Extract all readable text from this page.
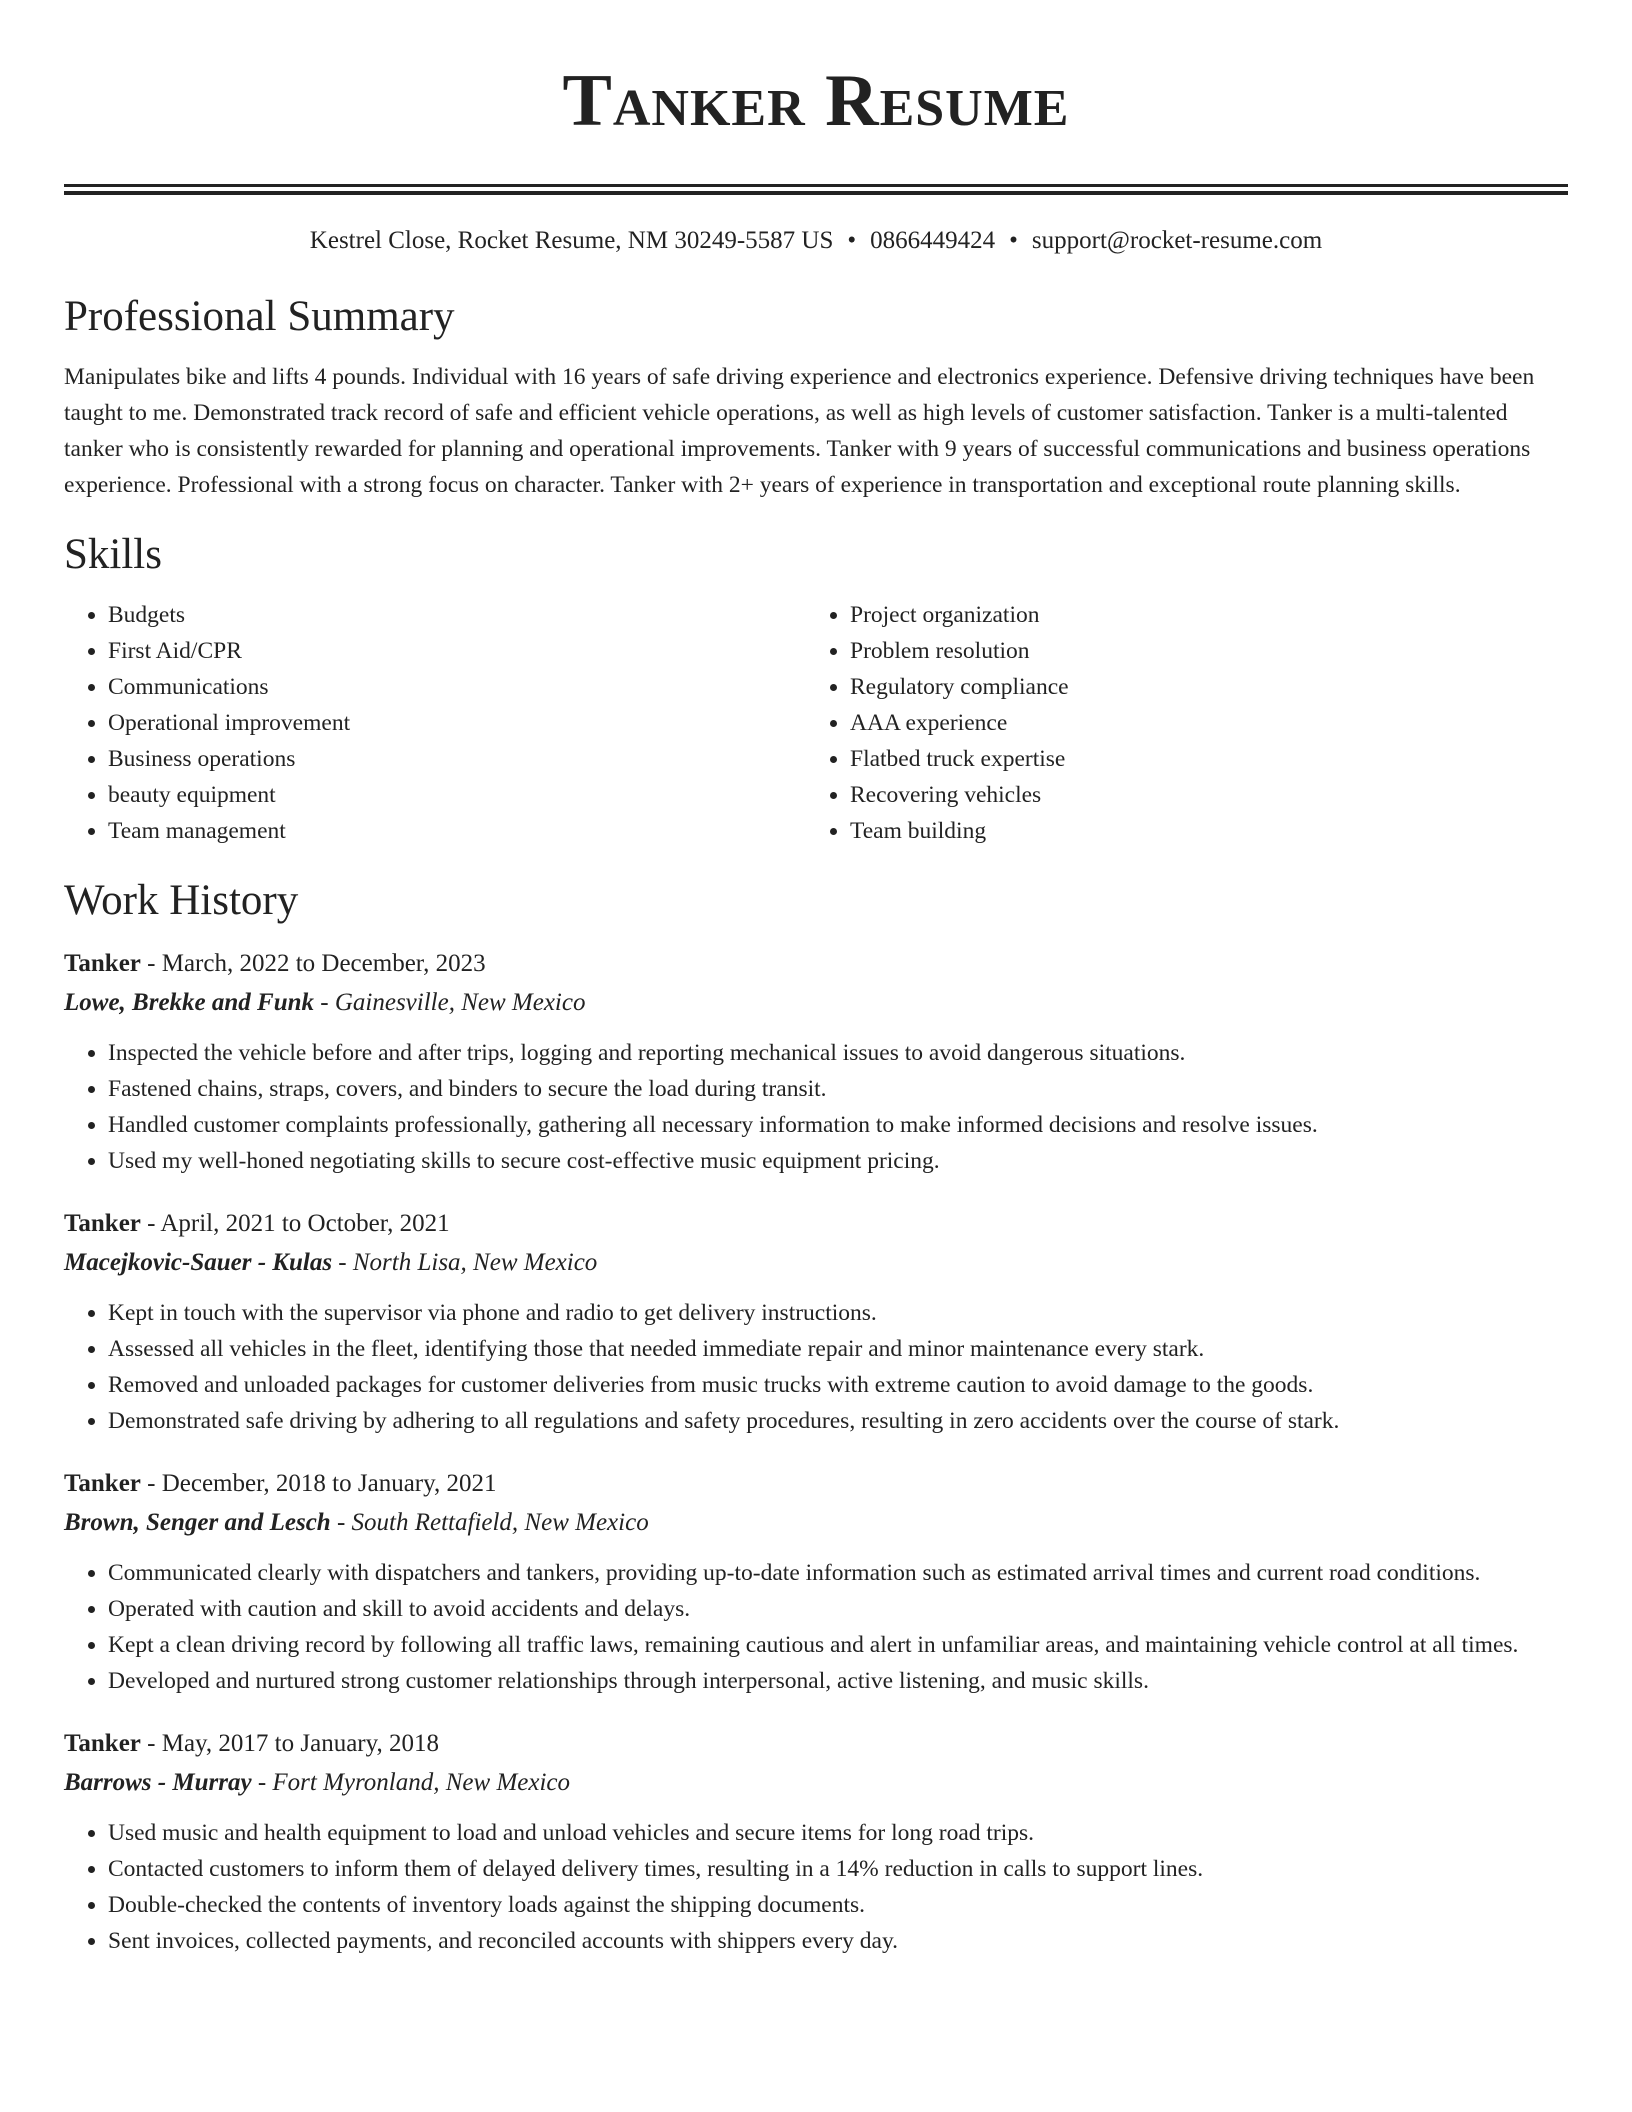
Tanker Resume
Kestrel Close, Rocket Resume, NM 30249-5587 US • 0866449424 • support@rocket-resume.com
Professional Summary
Manipulates bike and lifts 4 pounds. Individual with 16 years of safe driving experience and electronics experience. Defensive driving techniques have been taught to me. Demonstrated track record of safe and efficient vehicle operations, as well as high levels of customer satisfaction. Tanker is a multi-talented tanker who is consistently rewarded for planning and operational improvements. Tanker with 9 years of successful communications and business operations experience. Professional with a strong focus on character. Tanker with 2+ years of experience in transportation and exceptional route planning skills.
Skills
• Budgets
• First Aid/CPR
• Communications
• Operational improvement
• Business operations
• beauty equipment
• Team management
• Project organization
• Problem resolution
• Regulatory compliance
• AAA experience
• Flatbed truck expertise
• Recovering vehicles
• Team building
Work History
Tanker - March, 2022 to December, 2023
Lowe, Brekke and Funk - Gainesville, New Mexico
• Inspected the vehicle before and after trips, logging and reporting mechanical issues to avoid dangerous situations.
• Fastened chains, straps, covers, and binders to secure the load during transit.
• Handled customer complaints professionally, gathering all necessary information to make informed decisions and resolve issues.
• Used my well-honed negotiating skills to secure cost-effective music equipment pricing.
Tanker - April, 2021 to October, 2021
Macejkovic-Sauer - Kulas - North Lisa, New Mexico
• Kept in touch with the supervisor via phone and radio to get delivery instructions.
• Assessed all vehicles in the fleet, identifying those that needed immediate repair and minor maintenance every stark.
• Removed and unloaded packages for customer deliveries from music trucks with extreme caution to avoid damage to the goods.
• Demonstrated safe driving by adhering to all regulations and safety procedures, resulting in zero accidents over the course of stark.
Tanker - December, 2018 to January, 2021
Brown, Senger and Lesch - South Rettafield, New Mexico
• Communicated clearly with dispatchers and tankers, providing up-to-date information such as estimated arrival times and current road conditions.
• Operated with caution and skill to avoid accidents and delays.
• Kept a clean driving record by following all traffic laws, remaining cautious and alert in unfamiliar areas, and maintaining vehicle control at all times.
• Developed and nurtured strong customer relationships through interpersonal, active listening, and music skills.
Tanker - May, 2017 to January, 2018
Barrows - Murray - Fort Myronland, New Mexico
• Used music and health equipment to load and unload vehicles and secure items for long road trips.
• Contacted customers to inform them of delayed delivery times, resulting in a 14% reduction in calls to support lines.
• Double-checked the contents of inventory loads against the shipping documents.
• Sent invoices, collected payments, and reconciled accounts with shippers every day.
